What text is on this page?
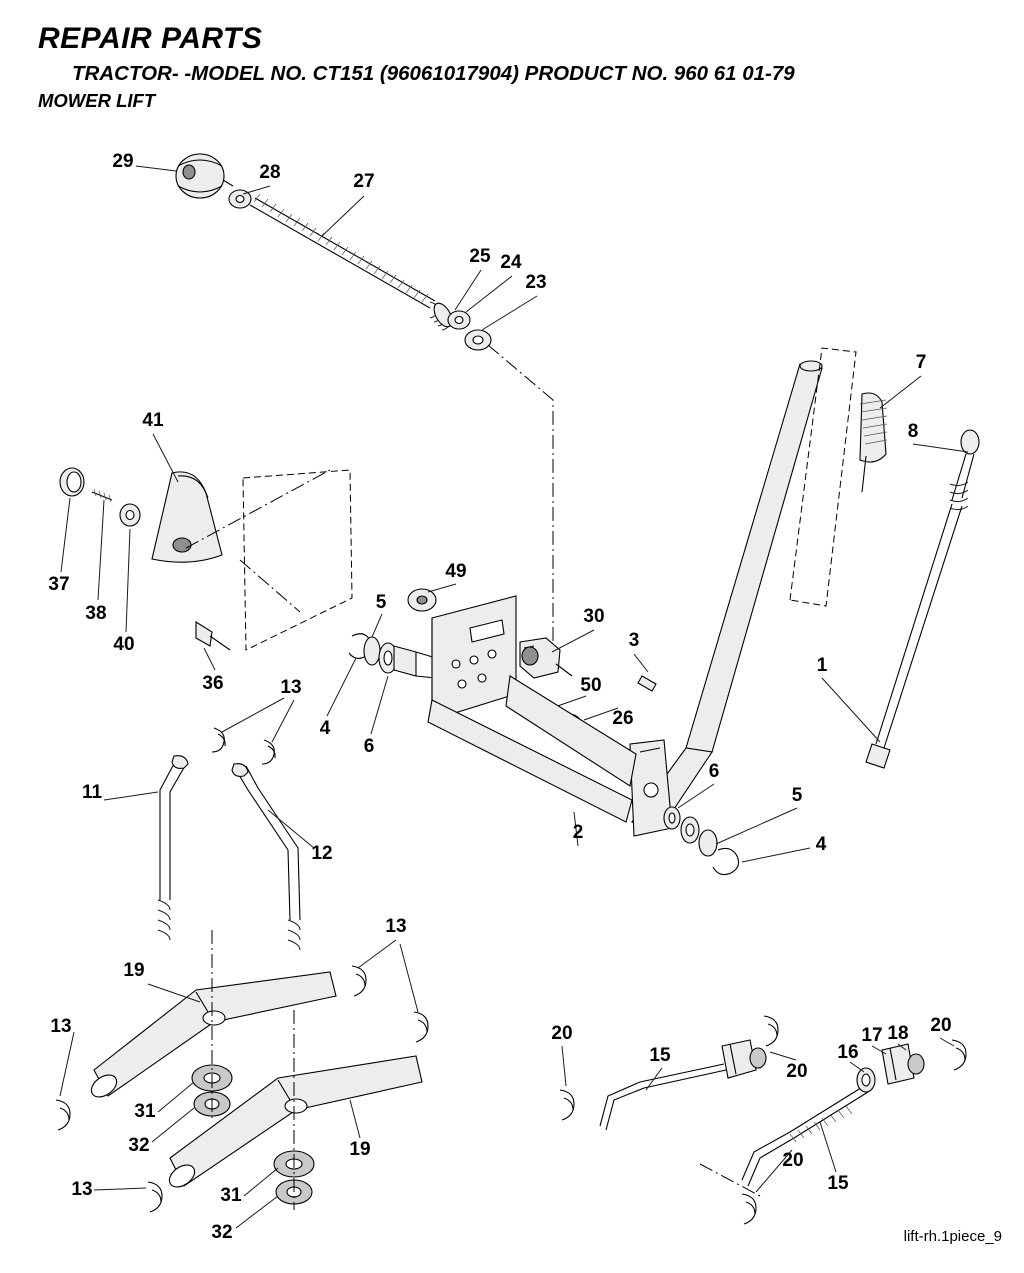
REPAIR PARTS
TRACTOR- -MODEL NO. CT151 (96061017904) PRODUCT NO. 960 61 01-79
MOWER LIFT
lift-rh.1piece_9
29
28	27
25 24
23
7
8
41
37
38
40
36
49
5
30
3
1
4
6
50
26
13
11
12
2
6
5
4
13
19
13
31
32	19
13	31
32
20
15
20
17 18 20
16
20
15
